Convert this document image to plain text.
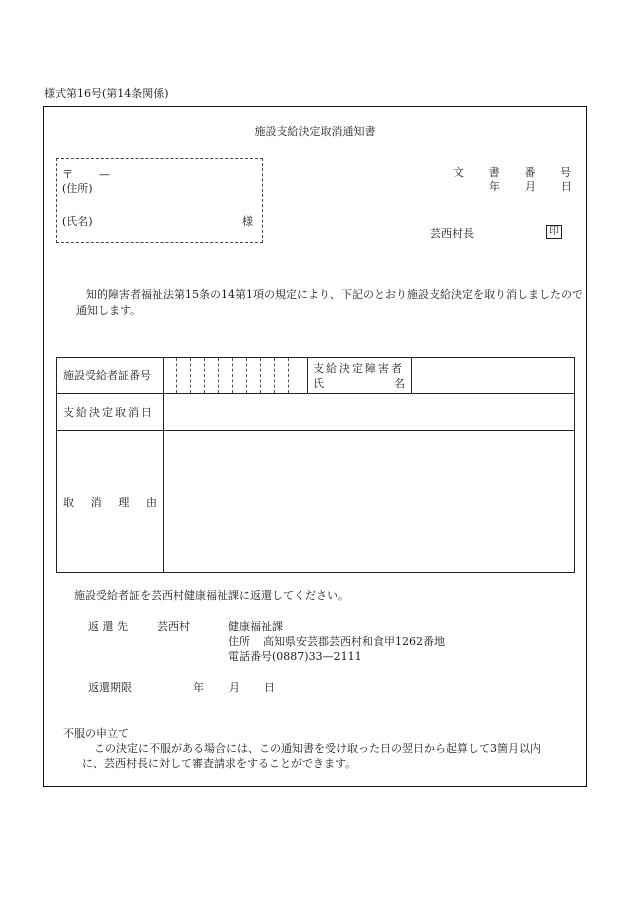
様式第16号(第14条関係)
施設支給決定取消通知書
〒 —
(住所)
(氏名)	様
文 書 番 号
年 月 日
芸西村長	印
知的障害者福祉法第15条の14第1項の規定により、下記のとおり施設支給決定を取り消しましたので通知します。
施設受給者証番号
支給決定障害者
氏	名
支給決定取消日
取 消 理 由
施設受給者証を芸西村健康福祉課に返還してください。
返 還 先	芸西村	健康福祉課
住所 高知県安芸郡芸西村和食甲1262番地
電話番号(0887)33—2111
返還期限	年 月 日
不服の申立て
この決定に不服がある場合には、この通知書を受け取った日の翌日から起算して3箇月以内
に、芸西村長に対して審査請求をすることができます。
